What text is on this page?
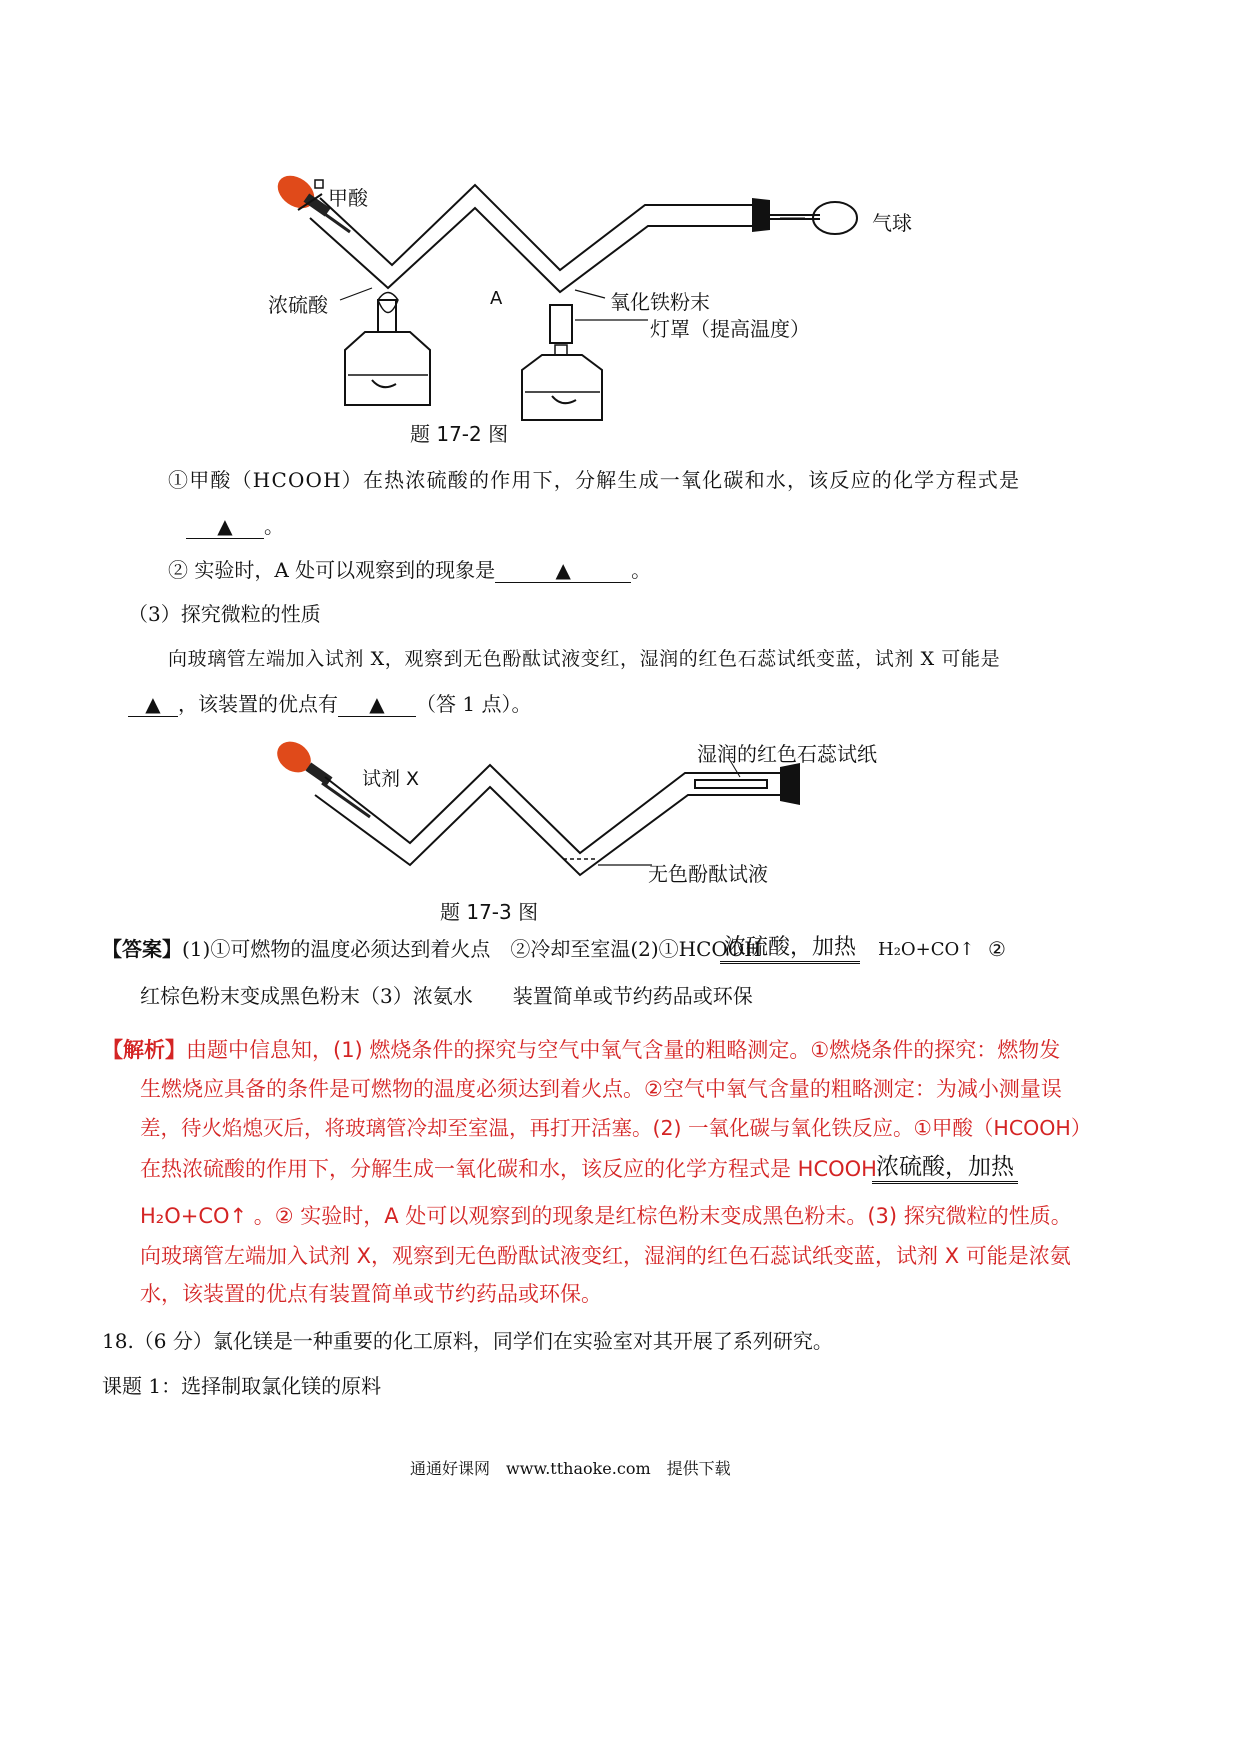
甲酸
浓硫酸	A	氧化铁粉末
灯罩（提高温度）
气球
题 17-2 图
①甲酸（HCOOH）在热浓硫酸的作用下，分解生成一氧化碳和水，该反应的化学方程式是
▲ 。
② 实验时，A 处可以观察到的现象是	▲	。
（3）探究微粒的性质
向玻璃管左端加入试剂 X，观察到无色酚酞试液变红，湿润的红色石蕊试纸变蓝，试剂 X 可能是
▲ ，该装置的优点有 ▲ （答 1 点）。
湿润的红色石蕊试纸
试剂 X
无色酚酞试液
题 17-3 图
【答案】(1)①可燃物的温度必须达到着火点　②冷却至室温(2)①HCOOH
浓硫酸，加热 H₂O+CO↑ ②
红棕色粉末变成黑色粉末（3）浓氨水　　装置简单或节约药品或环保
【解析】由题中信息知，(1) 燃烧条件的探究与空气中氧气含量的粗略测定。①燃烧条件的探究：燃物发
生燃烧应具备的条件是可燃物的温度必须达到着火点。②空气中氧气含量的粗略测定：为减小测量误
差，待火焰熄灭后，将玻璃管冷却至室温，再打开活塞。(2) 一氧化碳与氧化铁反应。①甲酸（HCOOH）
在热浓硫酸的作用下，分解生成一氧化碳和水，该反应的化学方程式是 HCOOH 浓硫酸，加热
H₂O+CO↑ 。② 实验时，A 处可以观察到的现象是红棕色粉末变成黑色粉末。(3) 探究微粒的性质。
向玻璃管左端加入试剂 X，观察到无色酚酞试液变红，湿润的红色石蕊试纸变蓝，试剂 X 可能是浓氨
水，该装置的优点有装置简单或节约药品或环保。
18.（6 分）氯化镁是一种重要的化工原料，同学们在实验室对其开展了系列研究。
课题 1：选择制取氯化镁的原料
通通好课网　www.tthaoke.com　提供下载
